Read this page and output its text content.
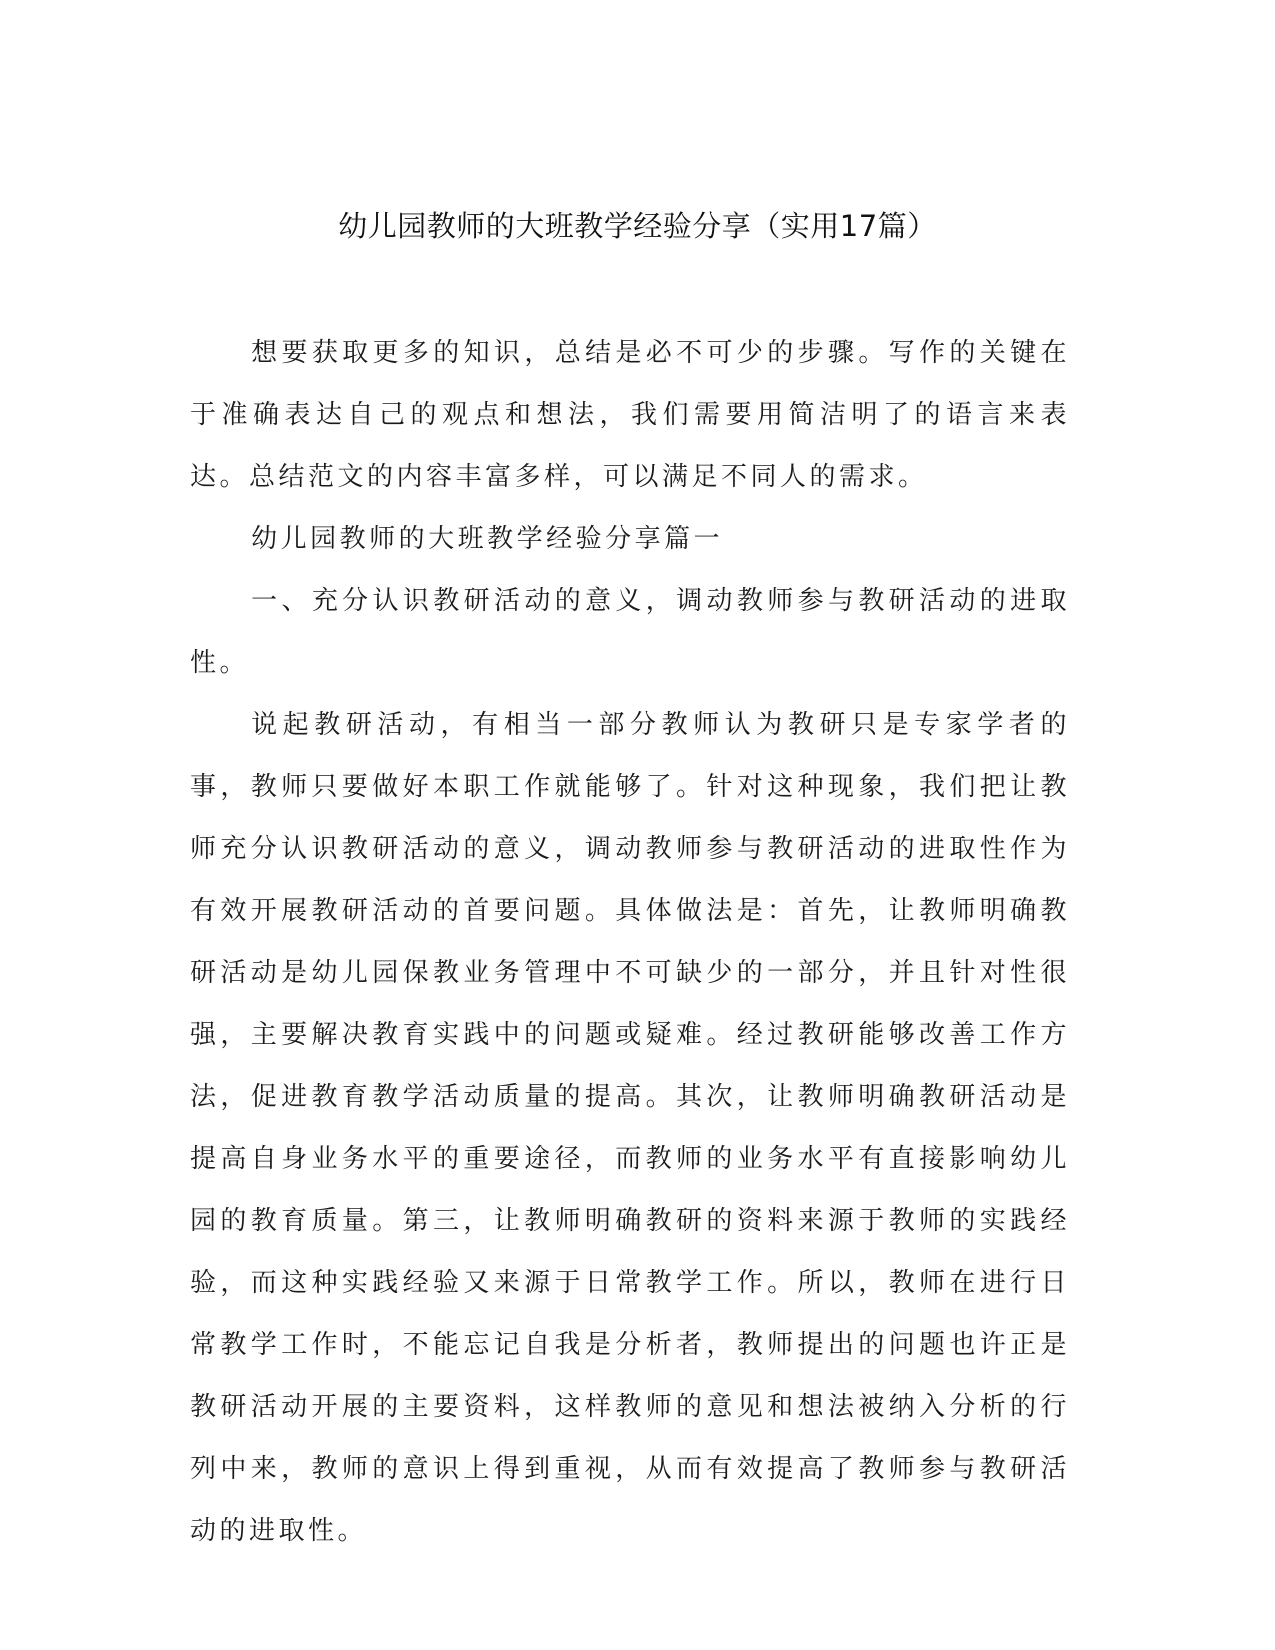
幼儿园教师的大班教学经验分享（实用17篇）

想要获取更多的知识，总结是必不可少的步骤。写作的关键在于准确表达自己的观点和想法，我们需要用简洁明了的语言来表达。总结范文的内容丰富多样，可以满足不同人的需求。

幼儿园教师的大班教学经验分享篇一

一、充分认识教研活动的意义，调动教师参与教研活动的进取性。

说起教研活动，有相当一部分教师认为教研只是专家学者的事，教师只要做好本职工作就能够了。针对这种现象，我们把让教师充分认识教研活动的意义，调动教师参与教研活动的进取性作为有效开展教研活动的首要问题。具体做法是：首先，让教师明确教研活动是幼儿园保教业务管理中不可缺少的一部分，并且针对性很强，主要解决教育实践中的问题或疑难。经过教研能够改善工作方法，促进教育教学活动质量的提高。其次，让教师明确教研活动是提高自身业务水平的重要途径，而教师的业务水平有直接影响幼儿园的教育质量。第三，让教师明确教研的资料来源于教师的实践经验，而这种实践经验又来源于日常教学工作。所以，教师在进行日常教学工作时，不能忘记自我是分析者，教师提出的问题也许正是教研活动开展的主要资料，这样教师的意见和想法被纳入分析的行列中来，教师的意识上得到重视，从而有效提高了教师参与教研活动的进取性。
